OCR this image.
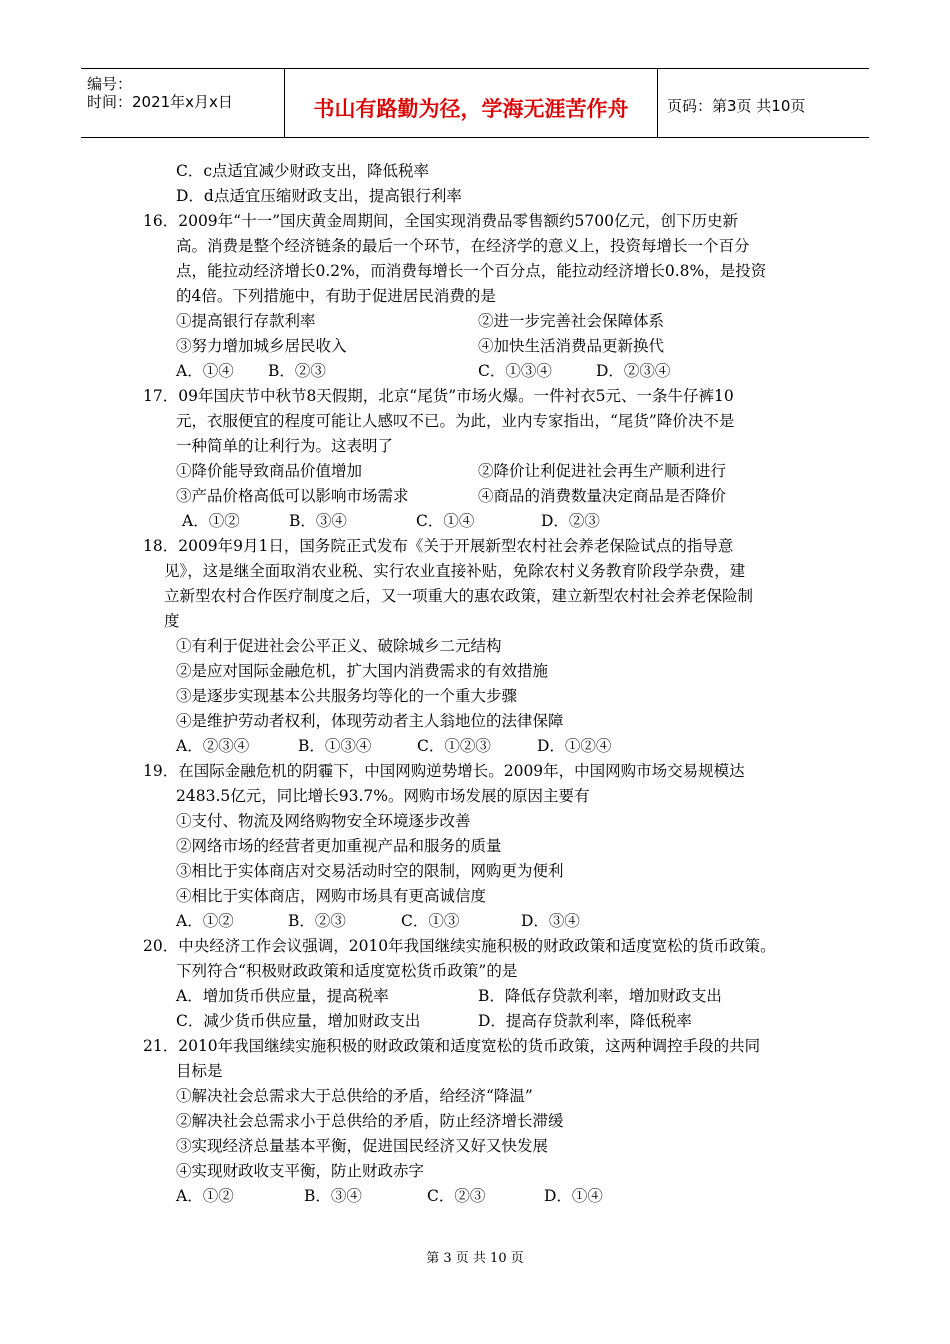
编号：
时间：2021年x月x日	书山有路勤为径，学海无涯苦作舟	页码：第3页 共10页
C．c点适宜减少财政支出，降低税率
D．d点适宜压缩财政支出，提高银行利率
16．2009年“十一”国庆黄金周期间，全国实现消费品零售额约5700亿元，创下历史新
高。消费是整个经济链条的最后一个环节，在经济学的意义上，投资每增长一个百分
点，能拉动经济增长0.2%，而消费每增长一个百分点，能拉动经济增长0.8%，是投资
的4倍。下列措施中，有助于促进居民消费的是
①提高银行存款利率	②进一步完善社会保障体系
③努力增加城乡居民收入	④加快生活消费品更新换代
A．①④ B．②③	C．①③④	D．②③④
17．09年国庆节中秋节8天假期，北京“尾货”市场火爆。一件衬衣5元、一条牛仔裤10
元，衣服便宜的程度可能让人感叹不已。为此，业内专家指出，“尾货”降价决不是
一种简单的让利行为。这表明了
①降价能导致商品价值增加	②降价让利促进社会再生产顺利进行
③产品价格高低可以影响市场需求	④商品的消费数量决定商品是否降价
A．①②	B．③④	C．①④	D．②③
18．2009年9月1日，国务院正式发布《关于开展新型农村社会养老保险试点的指导意
见》，这是继全面取消农业税、实行农业直接补贴，免除农村义务教育阶段学杂费，建
立新型农村合作医疗制度之后，又一项重大的惠农政策，建立新型农村社会养老保险制
度
①有利于促进社会公平正义、破除城乡二元结构
②是应对国际金融危机，扩大国内消费需求的有效措施
③是逐步实现基本公共服务均等化的一个重大步骤
④是维护劳动者权利，体现劳动者主人翁地位的法律保障
A．②③④	B．①③④	C．①②③	D．①②④
19．在国际金融危机的阴霾下，中国网购逆势增长。2009年，中国网购市场交易规模达
2483.5亿元，同比增长93.7%。网购市场发展的原因主要有
①支付、物流及网络购物安全环境逐步改善
②网络市场的经营者更加重视产品和服务的质量
③相比于实体商店对交易活动时空的限制，网购更为便利
④相比于实体商店，网购市场具有更高诚信度
A．①②	B．②③	C．①③	D．③④
20．中央经济工作会议强调，2010年我国继续实施积极的财政政策和适度宽松的货币政策。
下列符合“积极财政政策和适度宽松货币政策”的是
A．增加货币供应量，提高税率	B．降低存贷款利率，增加财政支出
C．减少货币供应量，增加财政支出	D．提高存贷款利率，降低税率
21．2010年我国继续实施积极的财政政策和适度宽松的货币政策，这两种调控手段的共同
目标是
①解决社会总需求大于总供给的矛盾，给经济“降温”
②解决社会总需求小于总供给的矛盾，防止经济增长滞缓
③实现经济总量基本平衡，促进国民经济又好又快发展
④实现财政收支平衡，防止财政赤字
A．①②	B．③④	C．②③	D．①④
第 3 页 共 10 页
